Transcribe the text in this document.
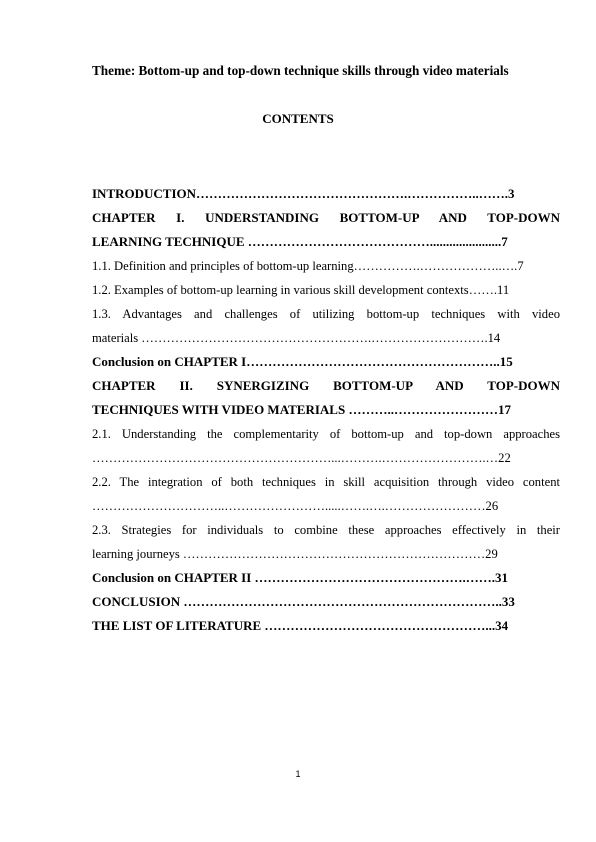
Theme: Bottom-up and top-down technique skills through video materials
CONTENTS
INTRODUCTION………………………………………….……………..…….3
CHAPTER I. UNDERSTANDING BOTTOM-UP AND TOP-DOWN
LEARNING TECHNIQUE ……………………………………......................7
1.1. Definition and principles of bottom-up learning…………….………………..….7
1.2. Examples of bottom-up learning in various skill development contexts…….11
1.3. Advantages and challenges of utilizing bottom-up techniques with video
materials ……………………………………………….……………………….14
Conclusion on CHAPTER I…………………………………………………..15
CHAPTER II. SYNERGIZING BOTTOM-UP AND TOP-DOWN
TECHNIQUES WITH VIDEO MATERIALS ………..……………………17
2.1. Understanding the complementarity of bottom-up and top-down approaches
…………………………………………………...……….…………………….…22
2.2. The integration of both techniques in skill acquisition through video content
…………………………..…………………….....…….….……………………26
2.3. Strategies for individuals to combine these approaches effectively in their
learning journeys ………………………………………………………………29
Conclusion on CHAPTER II ………………………………………….…….31
CONCLUSION ………………………………………………………………..33
THE LIST OF LITERATURE ……………………………………………...34
1
